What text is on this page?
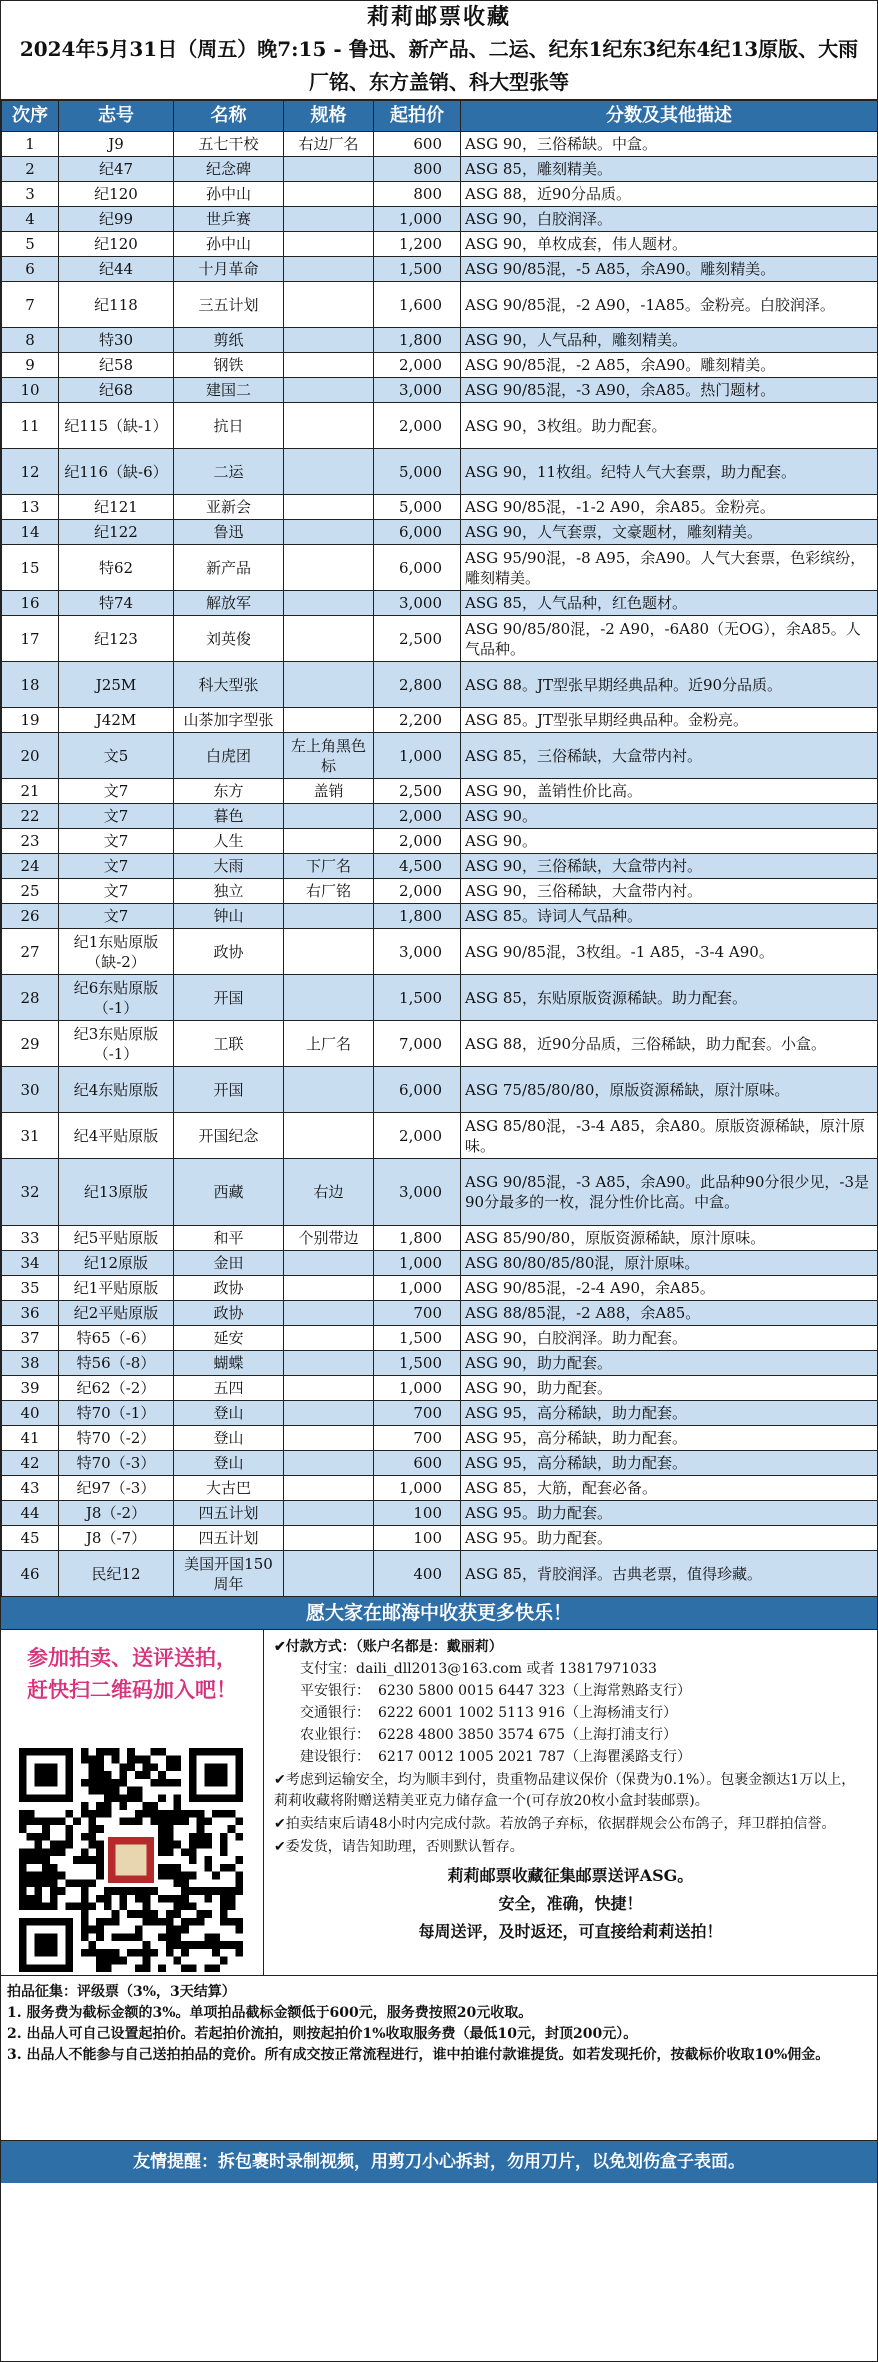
莉莉邮票收藏
2024年5月31日（周五）晚7:15 - 鲁迅、新产品、二运、纪东1纪东3纪东4纪13原版、大雨厂铭、东方盖销、科大型张等
次序	志号	名称	规格	起拍价	分数及其他描述
1	J9	五七干校	右边厂名	600	ASG 90，三俗稀缺。中盒。
2	纪47	纪念碑		800	ASG 85，雕刻精美。
3	纪120	孙中山		800	ASG 88，近90分品质。
4	纪99	世乒赛		1,000	ASG 90，白胶润泽。
5	纪120	孙中山		1,200	ASG 90，单枚成套，伟人题材。
6	纪44	十月革命		1,500	ASG 90/85混，-5 A85，余A90。雕刻精美。
7	纪118	三五计划		1,600	ASG 90/85混，-2 A90，-1A85。金粉亮。白胶润泽。
8	特30	剪纸		1,800	ASG 90，人气品种，雕刻精美。
9	纪58	钢铁		2,000	ASG 90/85混，-2 A85，余A90。雕刻精美。
10	纪68	建国二		3,000	ASG 90/85混，-3 A90，余A85。热门题材。
11	纪115（缺-1）	抗日		2,000	ASG 90，3枚组。助力配套。
12	纪116（缺-6）	二运		5,000	ASG 90，11枚组。纪特人气大套票，助力配套。
13	纪121	亚新会		5,000	ASG 90/85混，-1-2 A90，余A85。金粉亮。
14	纪122	鲁迅		6,000	ASG 90，人气套票，文豪题材，雕刻精美。
15	特62	新产品		6,000	ASG 95/90混，-8 A95，余A90。人气大套票，色彩缤纷，雕刻精美。
16	特74	解放军		3,000	ASG 85，人气品种，红色题材。
17	纪123	刘英俊		2,500	ASG 90/85/80混，-2 A90，-6A80（无OG），余A85。人气品种。
18	J25M	科大型张		2,800	ASG 88。JT型张早期经典品种。近90分品质。
19	J42M	山茶加字型张		2,200	ASG 85。JT型张早期经典品种。金粉亮。
20	文5	白虎团	左上角黑色标	1,000	ASG 85，三俗稀缺，大盒带内衬。
21	文7	东方	盖销	2,500	ASG 90，盖销性价比高。
22	文7	暮色		2,000	ASG 90。
23	文7	人生		2,000	ASG 90。
24	文7	大雨	下厂名	4,500	ASG 90，三俗稀缺，大盒带内衬。
25	文7	独立	右厂铭	2,000	ASG 90，三俗稀缺，大盒带内衬。
26	文7	钟山		1,800	ASG 85。诗词人气品种。
27	纪1东贴原版（缺-2）	政协		3,000	ASG 90/85混，3枚组。-1 A85，-3-4 A90。
28	纪6东贴原版（-1）	开国		1,500	ASG 85，东贴原版资源稀缺。助力配套。
29	纪3东贴原版（-1）	工联	上厂名	7,000	ASG 88，近90分品质，三俗稀缺，助力配套。小盒。
30	纪4东贴原版	开国		6,000	ASG 75/85/80/80，原版资源稀缺，原汁原味。
31	纪4平贴原版	开国纪念		2,000	ASG 85/80混，-3-4 A85，余A80。原版资源稀缺，原汁原味。
32	纪13原版	西藏	右边	3,000	ASG 90/85混，-3 A85，余A90。此品种90分很少见，-3是90分最多的一枚，混分性价比高。中盒。
33	纪5平贴原版	和平	个别带边	1,800	ASG 85/90/80，原版资源稀缺，原汁原味。
34	纪12原版	金田		1,000	ASG 80/80/85/80混，原汁原味。
35	纪1平贴原版	政协		1,000	ASG 90/85混，-2-4 A90，余A85。
36	纪2平贴原版	政协		700	ASG 88/85混，-2 A88，余A85。
37	特65（-6）	延安		1,500	ASG 90，白胶润泽。助力配套。
38	特56（-8）	蝴蝶		1,500	ASG 90，助力配套。
39	纪62（-2）	五四		1,000	ASG 90，助力配套。
40	特70（-1）	登山		700	ASG 95，高分稀缺，助力配套。
41	特70（-2）	登山		700	ASG 95，高分稀缺，助力配套。
42	特70（-3）	登山		600	ASG 95，高分稀缺，助力配套。
43	纪97（-3）	大古巴		1,000	ASG 85，大筋，配套必备。
44	J8（-2）	四五计划		100	ASG 95。助力配套。
45	J8（-7）	四五计划		100	ASG 95。助力配套。
46	民纪12	美国开国150周年		400	ASG 85，背胶润泽。古典老票，值得珍藏。
愿大家在邮海中收获更多快乐！
参加拍卖、送评送拍，
赶快扫二维码加入吧！
✔付款方式：（账户名都是：戴丽莉）
支付宝：daili_dll2013@163.com 或者 13817971033
平安银行： 6230 5800 0015 6447 323（上海常熟路支行）
交通银行： 6222 6001 1002 5113 916（上海杨浦支行）
农业银行： 6228 4800 3850 3574 675（上海打浦支行）
建设银行： 6217 0012 1005 2021 787（上海瞿溪路支行）
✔考虑到运输安全，均为顺丰到付，贵重物品建议保价（保费为0.1%）。包裹金额达1万以上，莉莉收藏将附赠送精美亚克力储存盒一个(可存放20枚小盒封装邮票)。
✔拍卖结束后请48小时内完成付款。若放鸽子弃标，依据群规会公布鸽子，拜卫群拍信誉。
✔委发货，请告知助理，否则默认暂存。
莉莉邮票收藏征集邮票送评ASG。
安全，准确，快捷！
每周送评，及时返还，可直接给莉莉送拍！
拍品征集：评级票（3%，3天结算）
1. 服务费为截标金额的3%。单项拍品截标金额低于600元，服务费按照20元收取。
2. 出品人可自己设置起拍价。若起拍价流拍，则按起拍价1%收取服务费（最低10元，封顶200元）。
3. 出品人不能参与自己送拍拍品的竞价。所有成交按正常流程进行，谁中拍谁付款谁提货。如若发现托价，按截标价收取10%佣金。
友情提醒：拆包裹时录制视频，用剪刀小心拆封，勿用刀片，以免划伤盒子表面。
